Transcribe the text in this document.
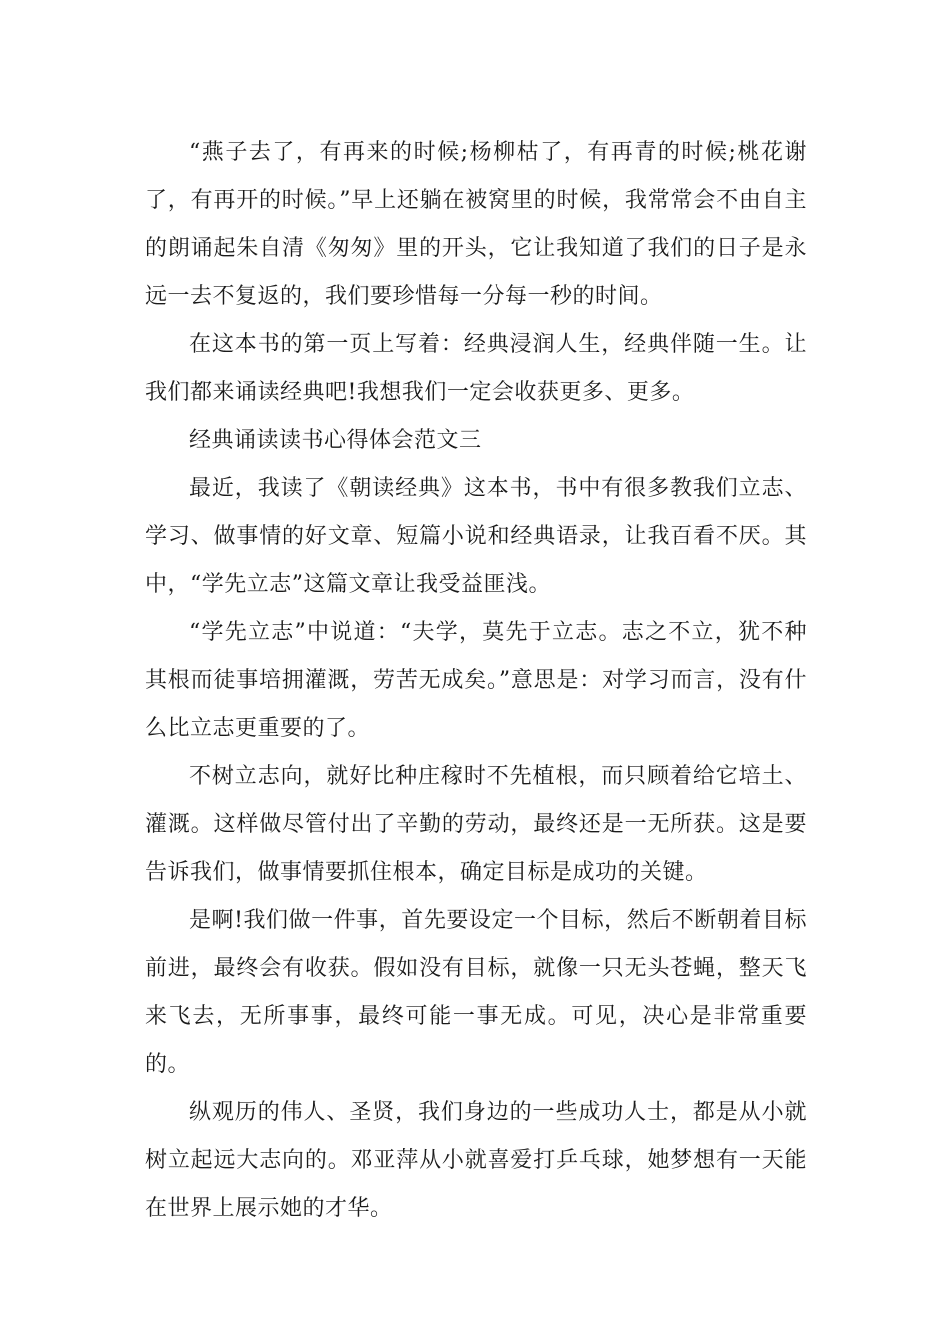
“燕子去了，有再来的时候;杨柳枯了，有再青的时候;桃花谢了，有再开的时候。”早上还躺在被窝里的时候，我常常会不由自主的朗诵起朱自清《匆匆》里的开头，它让我知道了我们的日子是永远一去不复返的，我们要珍惜每一分每一秒的时间。

在这本书的第一页上写着：经典浸润人生，经典伴随一生。让我们都来诵读经典吧!我想我们一定会收获更多、更多。

经典诵读读书心得体会范文三

最近，我读了《朝读经典》这本书，书中有很多教我们立志、学习、做事情的好文章、短篇小说和经典语录，让我百看不厌。其中，“学先立志”这篇文章让我受益匪浅。

“学先立志”中说道：“夫学，莫先于立志。志之不立，犹不种其根而徒事培拥灌溉，劳苦无成矣。”意思是：对学习而言，没有什么比立志更重要的了。

不树立志向，就好比种庄稼时不先植根，而只顾着给它培土、灌溉。这样做尽管付出了辛勤的劳动，最终还是一无所获。这是要告诉我们，做事情要抓住根本，确定目标是成功的关键。

是啊!我们做一件事，首先要设定一个目标，然后不断朝着目标前进，最终会有收获。假如没有目标，就像一只无头苍蝇，整天飞来飞去，无所事事，最终可能一事无成。可见，决心是非常重要的。

纵观历的伟人、圣贤，我们身边的一些成功人士，都是从小就树立起远大志向的。邓亚萍从小就喜爱打乒乓球，她梦想有一天能在世界上展示她的才华。
